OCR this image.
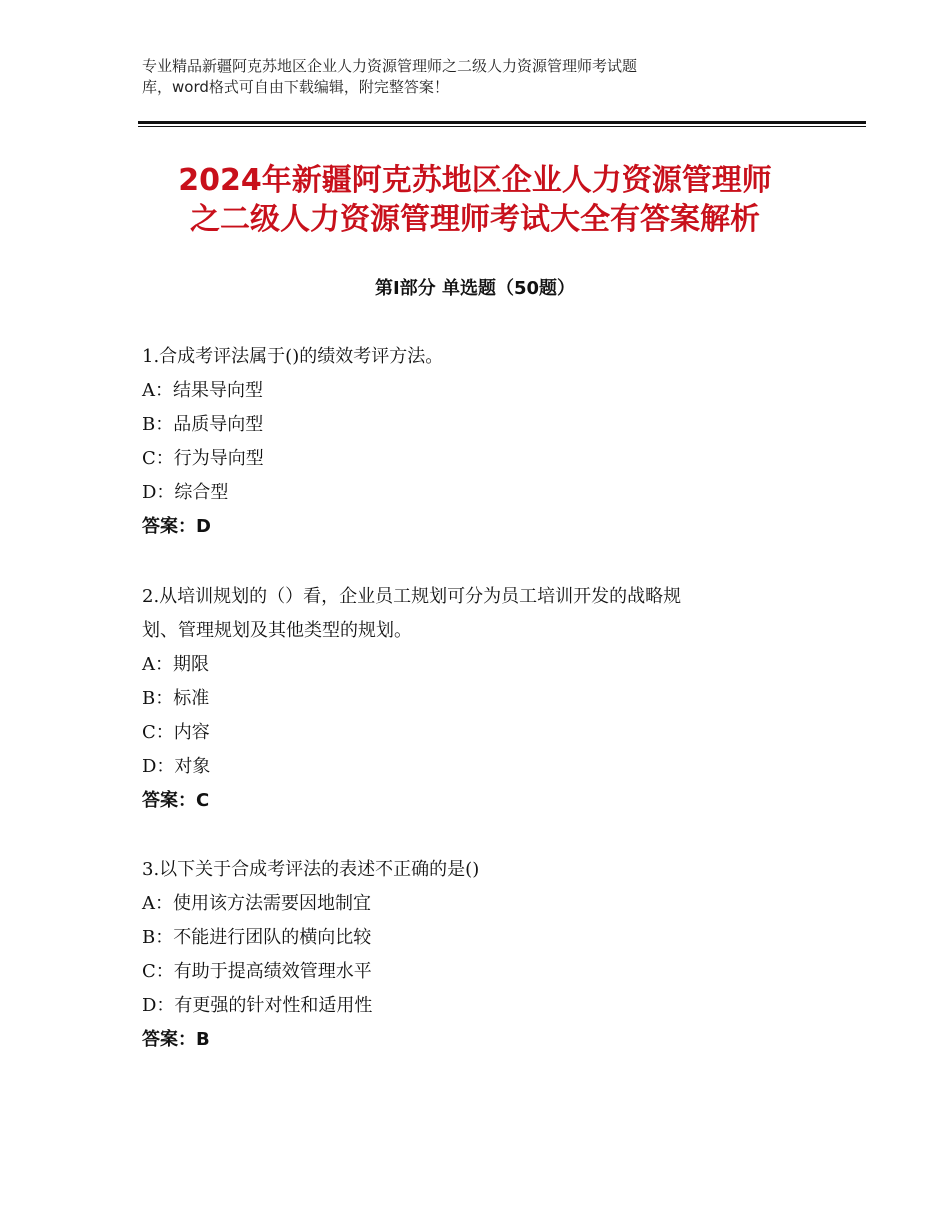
专业精品新疆阿克苏地区企业人力资源管理师之二级人力资源管理师考试题
库，word格式可自由下载编辑，附完整答案！
2024年新疆阿克苏地区企业人力资源管理师
之二级人力资源管理师考试大全有答案解析
第Ⅰ部分 单选题（50题）
1.合成考评法属于()的绩效考评方法。
A：结果导向型
B：品质导向型
C：行为导向型
D：综合型
答案：D
2.从培训规划的（）看，企业员工规划可分为员工培训开发的战略规
划、管理规划及其他类型的规划。
A：期限
B：标准
C：内容
D：对象
答案：C
3.以下关于合成考评法的表述不正确的是()
A：使用该方法需要因地制宜
B：不能进行团队的横向比较
C：有助于提高绩效管理水平
D：有更强的针对性和适用性
答案：B
